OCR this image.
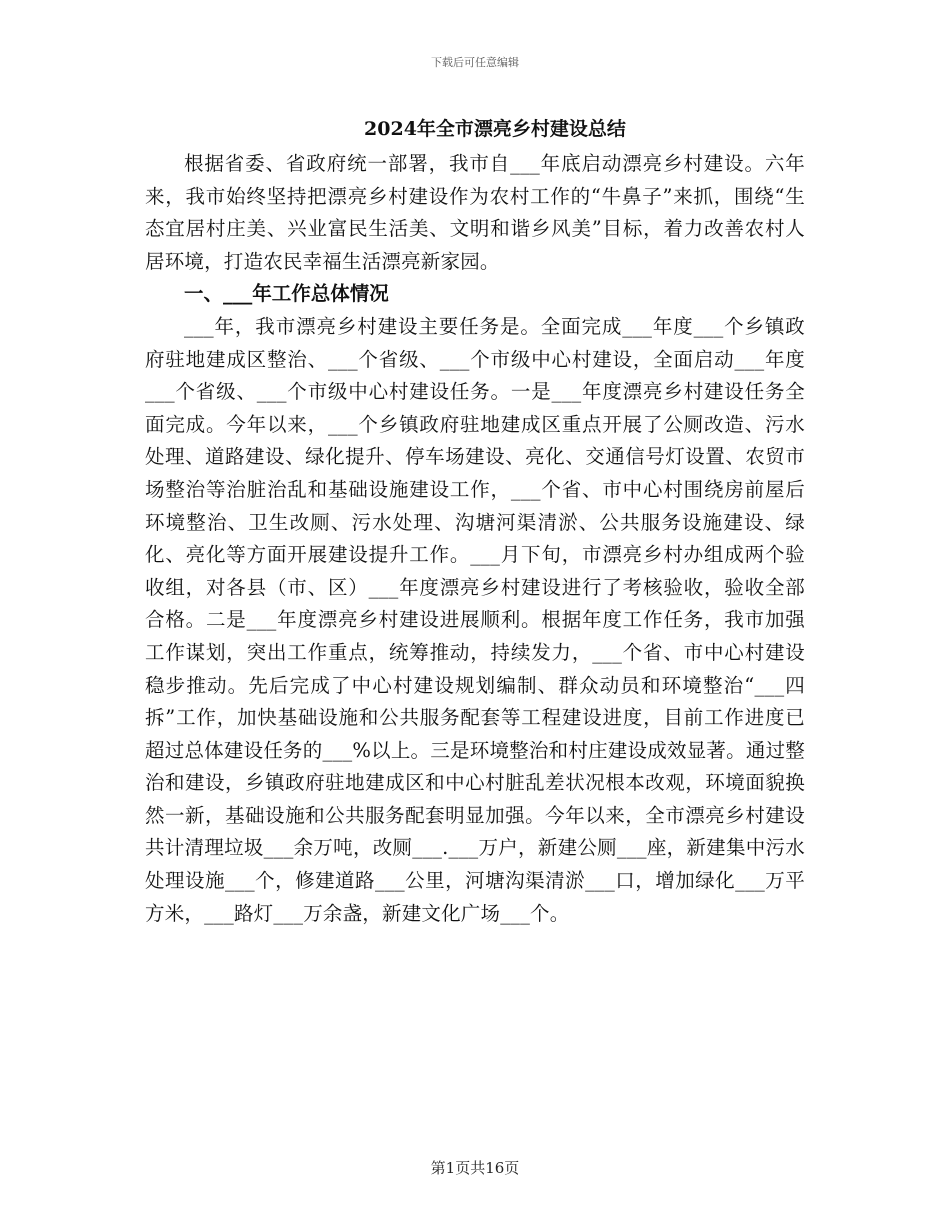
下载后可任意编辑
2024年全市漂亮乡村建设总结

根据省委、省政府统一部署，我市自___年底启动漂亮乡村建设。六年来，我市始终坚持把漂亮乡村建设作为农村工作的“牛鼻子”来抓，围绕“生态宜居村庄美、兴业富民生活美、文明和谐乡风美”目标，着力改善农村人居环境，打造农民幸福生活漂亮新家园。

一、___年工作总体情况

___年，我市漂亮乡村建设主要任务是。全面完成___年度___个乡镇政府驻地建成区整治、___个省级、___个市级中心村建设，全面启动___年度___个省级、___个市级中心村建设任务。一是___年度漂亮乡村建设任务全面完成。今年以来，___个乡镇政府驻地建成区重点开展了公厕改造、污水处理、道路建设、绿化提升、停车场建设、亮化、交通信号灯设置、农贸市场整治等治脏治乱和基础设施建设工作，___个省、市中心村围绕房前屋后环境整治、卫生改厕、污水处理、沟塘河渠清淤、公共服务设施建设、绿化、亮化等方面开展建设提升工作。___月下旬，市漂亮乡村办组成两个验收组，对各县（市、区）___年度漂亮乡村建设进行了考核验收，验收全部合格。二是___年度漂亮乡村建设进展顺利。根据年度工作任务，我市加强工作谋划，突出工作重点，统筹推动，持续发力，___个省、市中心村建设稳步推动。先后完成了中心村建设规划编制、群众动员和环境整治“___四拆”工作，加快基础设施和公共服务配套等工程建设进度，目前工作进度已超过总体建设任务的___%以上。三是环境整治和村庄建设成效显著。通过整治和建设，乡镇政府驻地建成区和中心村脏乱差状况根本改观，环境面貌换然一新，基础设施和公共服务配套明显加强。今年以来，全市漂亮乡村建设共计清理垃圾___余万吨，改厕___.___万户，新建公厕___座，新建集中污水处理设施___个，修建道路___公里，河塘沟渠清淤___口，增加绿化___万平方米，___路灯___万余盏，新建文化广场___个。

第1页共16页
